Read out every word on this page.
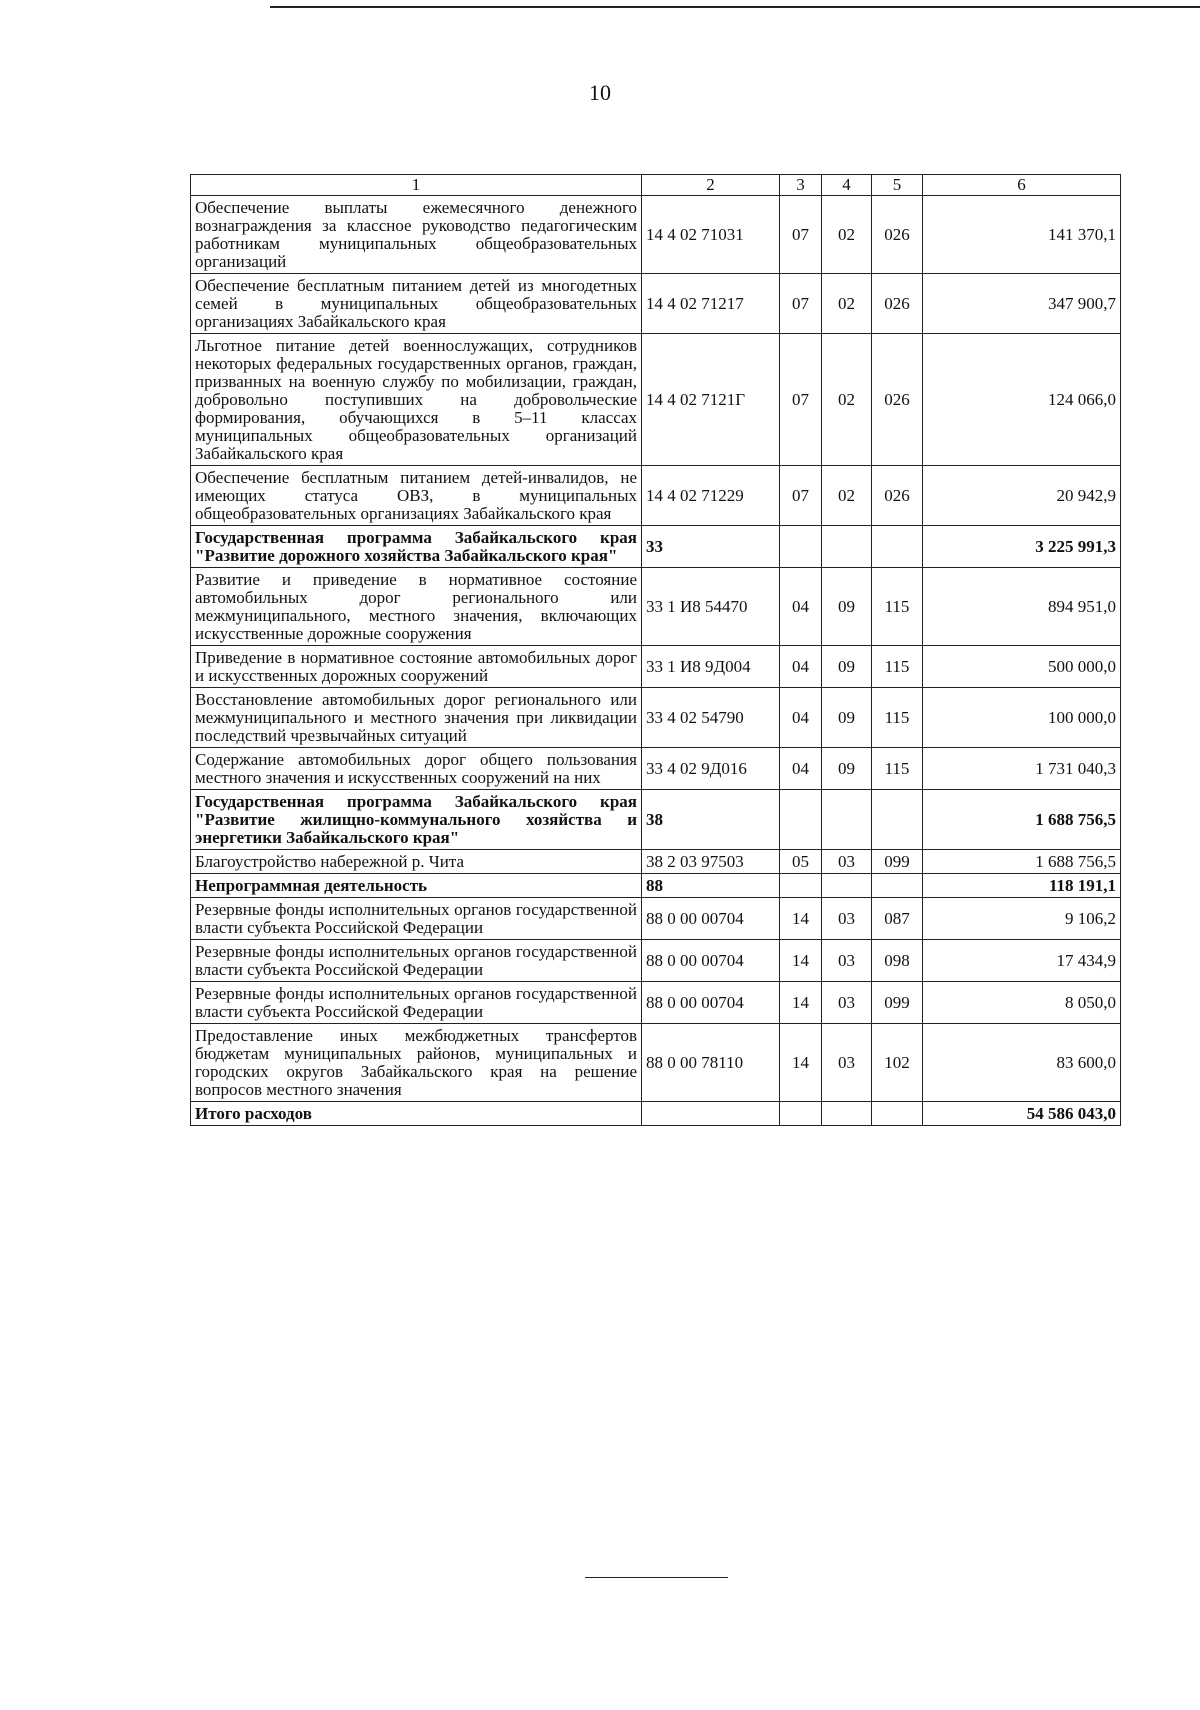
10
1	2	3	4	5	6
Обеспечение выплаты ежемесячного денежного вознаграждения за классное руководство педагогическим работникам муниципальных общеобразовательных организаций	14 4 02 71031	07	02	026	141 370,1
Обеспечение бесплатным питанием детей из многодетных семей в муниципальных общеобразовательных организациях Забайкальского края	14 4 02 71217	07	02	026	347 900,7
Льготное питание детей военнослужащих, сотрудников некоторых федеральных государственных органов, граждан, призванных на военную службу по мобилизации, граждан, добровольно поступивших на добровольческие формирования, обучающихся в 5–11 классах муниципальных общеобразовательных организаций Забайкальского края	14 4 02 7121Г	07	02	026	124 066,0
Обеспечение бесплатным питанием детей-инвалидов, не имеющих статуса ОВЗ, в муниципальных общеобразовательных организациях Забайкальского края	14 4 02 71229	07	02	026	20 942,9
Государственная программа Забайкальского края "Развитие дорожного хозяйства Забайкальского края"	33				3 225 991,3
Развитие и приведение в нормативное состояние автомобильных дорог регионального или межмуниципального, местного значения, включающих искусственные дорожные сооружения	33 1 И8 54470	04	09	115	894 951,0
Приведение в нормативное состояние автомобильных дорог и искусственных дорожных сооружений	33 1 И8 9Д004	04	09	115	500 000,0
Восстановление автомобильных дорог регионального или межмуниципального и местного значения при ликвидации последствий чрезвычайных ситуаций	33 4 02 54790	04	09	115	100 000,0
Содержание автомобильных дорог общего пользования местного значения и искусственных сооружений на них	33 4 02 9Д016	04	09	115	1 731 040,3
Государственная программа Забайкальского края "Развитие жилищно-коммунального хозяйства и энергетики Забайкальского края"	38				1 688 756,5
Благоустройство набережной р. Чита	38 2 03 97503	05	03	099	1 688 756,5
Непрограммная деятельность	88				118 191,1
Резервные фонды исполнительных органов государственной власти субъекта Российской Федерации	88 0 00 00704	14	03	087	9 106,2
Резервные фонды исполнительных органов государственной власти субъекта Российской Федерации	88 0 00 00704	14	03	098	17 434,9
Резервные фонды исполнительных органов государственной власти субъекта Российской Федерации	88 0 00 00704	14	03	099	8 050,0
Предоставление иных межбюджетных трансфертов бюджетам муниципальных районов, муниципальных и городских округов Забайкальского края на решение вопросов местного значения	88 0 00 78110	14	03	102	83 600,0
Итого расходов					54 586 043,0
